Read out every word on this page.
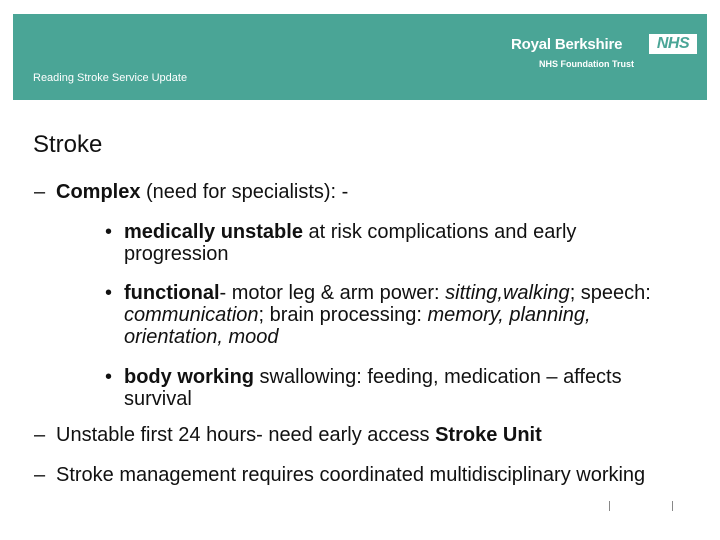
Reading Stroke Service Update
Royal Berkshire	NHS
NHS Foundation Trust
Stroke
– Complex (need for specialists): -
• medically unstable at risk complications and early progression
• functional- motor leg & arm power: sitting,walking; speech: communication; brain processing: memory, planning, orientation, mood
• body working swallowing: feeding, medication – affects survival
– Unstable first 24 hours- need early access Stroke Unit
– Stroke management requires coordinated multidisciplinary working
